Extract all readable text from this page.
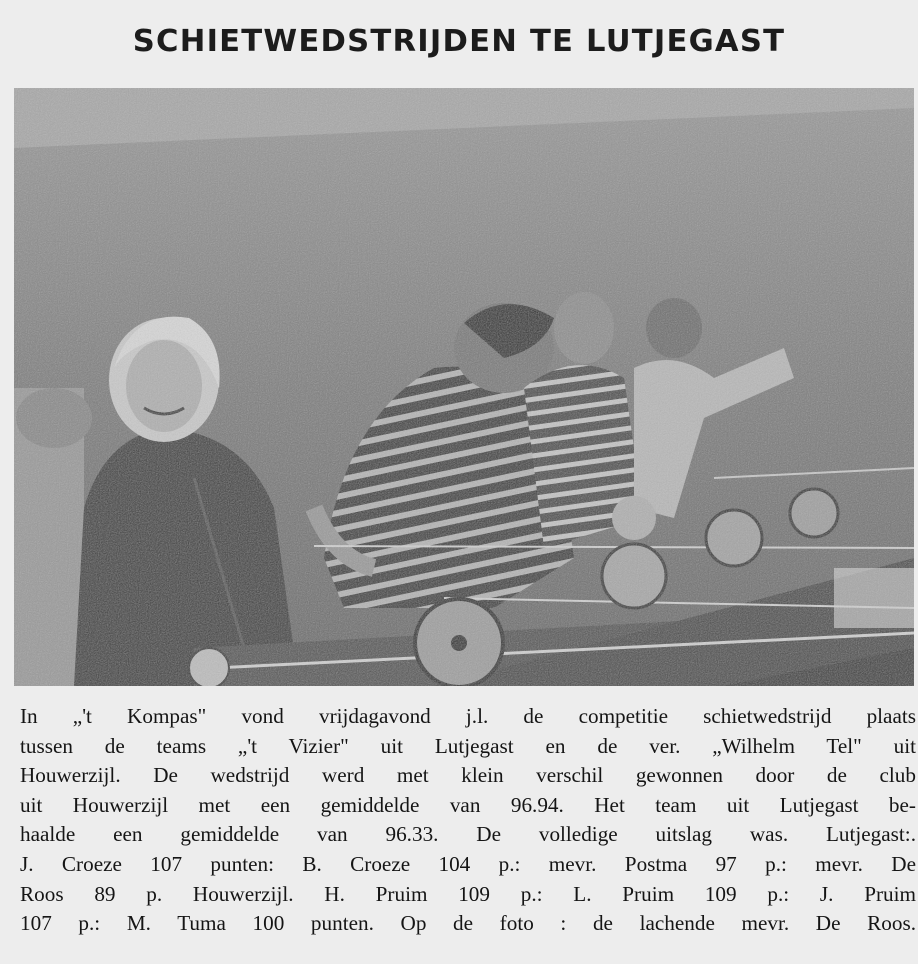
SCHIETWEDSTRIJDEN TE LUTJEGAST
In „'t Kompas" vond vrijdagavond j.l. de competitie schietwedstrijd plaats
tussen de teams „'t Vizier" uit Lutjegast en de ver. „Wilhelm Tel" uit
Houwerzijl. De wedstrijd werd met klein verschil gewonnen door de club
uit Houwerzijl met een gemiddelde van 96.94. Het team uit Lutjegast be-
haalde een gemiddelde van 96.33. De volledige uitslag was. Lutjegast:.
J. Croeze 107 punten: B. Croeze 104 p.: mevr. Postma 97 p.: mevr. De
Roos 89 p. Houwerzijl. H. Pruim 109 p.: L. Pruim 109 p.: J. Pruim
107 p.: M. Tuma 100 punten. Op de foto : de lachende mevr. De Roos.
